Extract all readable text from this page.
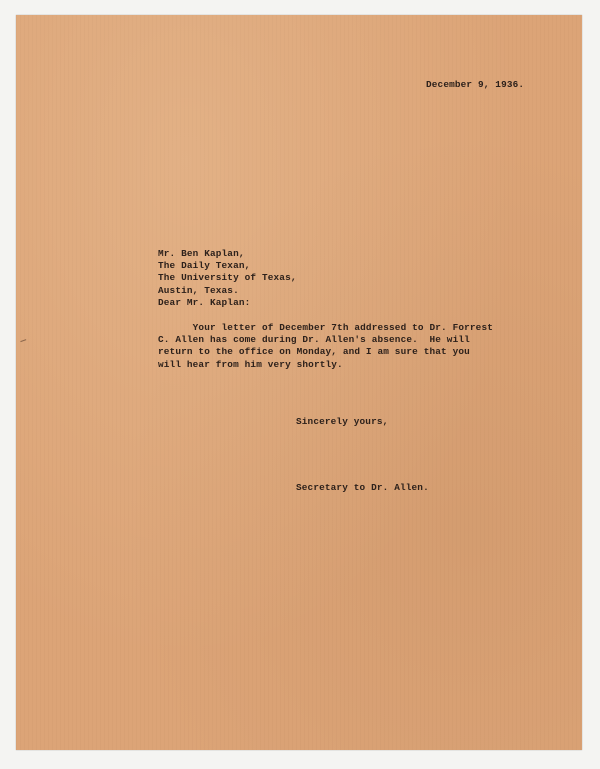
December 9, 1936.
Mr. Ben Kaplan,
The Daily Texan,
The University of Texas,
Austin, Texas.
Dear Mr. Kaplan:
Your letter of December 7th addressed to Dr. Forrest
C. Allen has come during Dr. Allen's absence.  He will
return to the office on Monday, and I am sure that you
will hear from him very shortly.
Sincerely yours,
Secretary to Dr. Allen.
